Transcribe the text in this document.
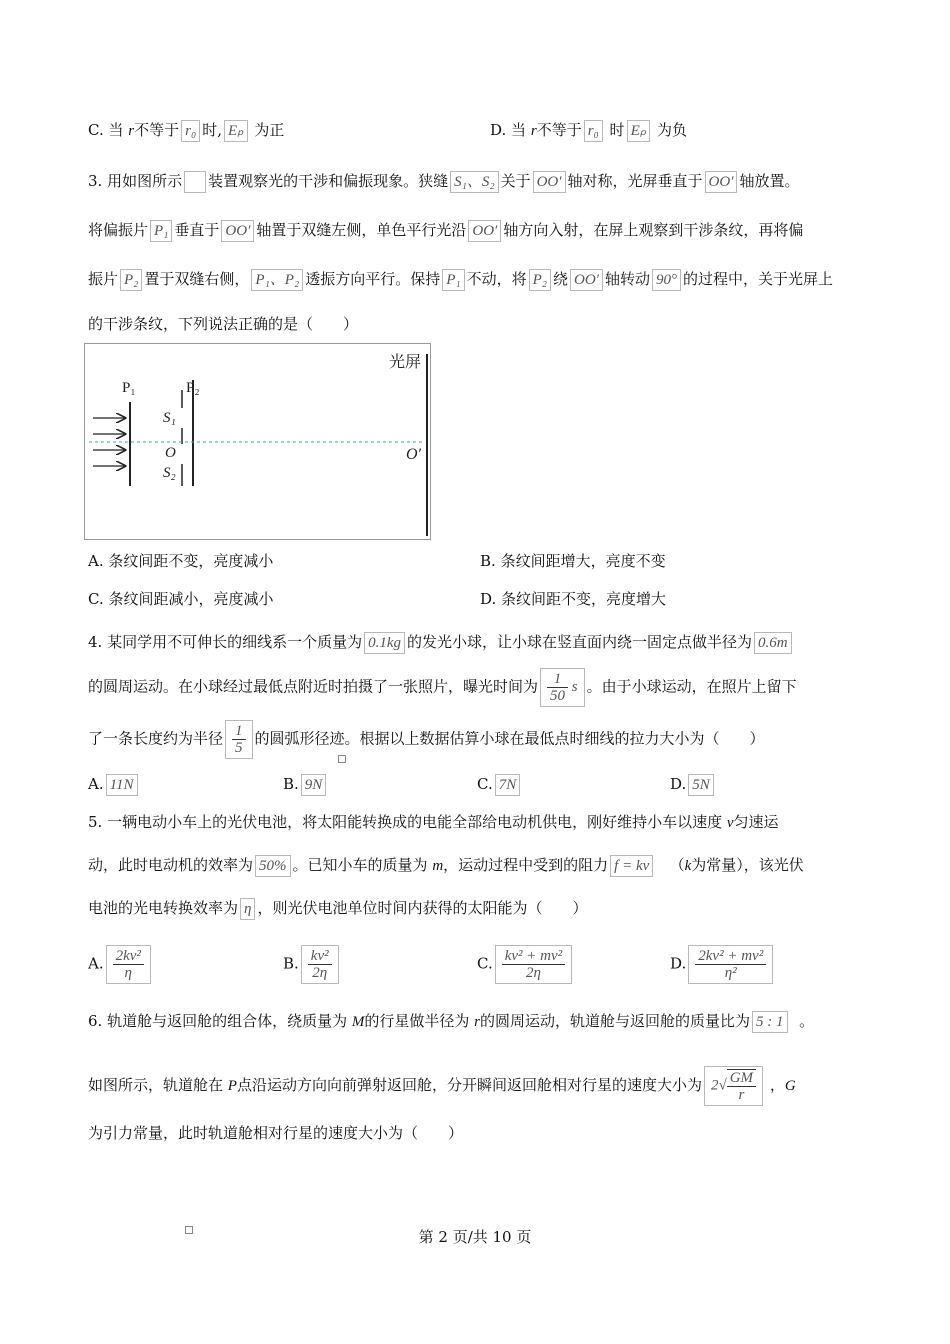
C. 当 r不等于 r₀ 时, Eₚ 为正	D. 当 r不等于 r₀ 时 Eₚ 为负
3. 用如图所示 装置观察光的干涉和偏振现象。狭缝 S₁、S₂ 关于 OO′ 轴对称，光屏垂直于 OO′ 轴放置。
将偏振片 P₁ 垂直于 OO′ 轴置于双缝左侧，单色平行光沿 OO′ 轴方向入射，在屏上观察到干涉条纹，再将偏
振片 P₂ 置于双缝右侧， P₁、P₂ 透振方向平行。保持 P₁ 不动，将 P₂ 绕 OO′ 轴转动 90° 的过程中，关于光屏上
的干涉条纹，下列说法正确的是（　　）
光屏
P₁	P₂
S₁
O
S₂
O′
A. 条纹间距不变，亮度减小	B. 条纹间距增大，亮度不变
C. 条纹间距减小，亮度减小	D. 条纹间距不变，亮度增大
4. 某同学用不可伸长的细线系一个质量为 0.1kg 的发光小球，让小球在竖直面内绕一固定点做半径为 0.6m
的圆周运动。在小球经过最低点附近时拍摄了一张照片，曝光时间为 $\frac{1}{50}$ s 。由于小球运动，在照片上留下
了一条长度约为半径 $\frac{1}{5}$ 的圆弧形径迹。根据以上数据估算小球在最低点时细线的拉力大小为（　　）
A. 11N	B. 9N	C. 7N	D. 5N
5. 一辆电动小车上的光伏电池，将太阳能转换成的电能全部给电动机供电，刚好维持小车以速度 v匀速运
动，此时电动机的效率为 50% 。已知小车的质量为 m，运动过程中受到的阻力 f = kv （k为常量），该光伏
电池的光电转换效率为 η ，则光伏电池单位时间内获得的太阳能为（　　）
A. $\frac{\text{2kv²}}{\eta}$	B. $\frac{\text{kv²}}{2\eta}$	C. $\frac{\text{kv² + mv²}}{2\eta}$	D. $\frac{\text{2kv² + mv²}}{\text{η²}}$
6. 轨道舱与返回舱的组合体，绕质量为 M的行星做半径为 r的圆周运动，轨道舱与返回舱的质量比为 5 : 1 。
如图所示，轨道舱在 P点沿运动方向向前弹射返回舱，分开瞬间返回舱相对行星的速度大小为 $2√ \frac{GM}{r}$ ，G
为引力常量，此时轨道舱相对行星的速度大小为（　　）
第 2 页/共 10 页
